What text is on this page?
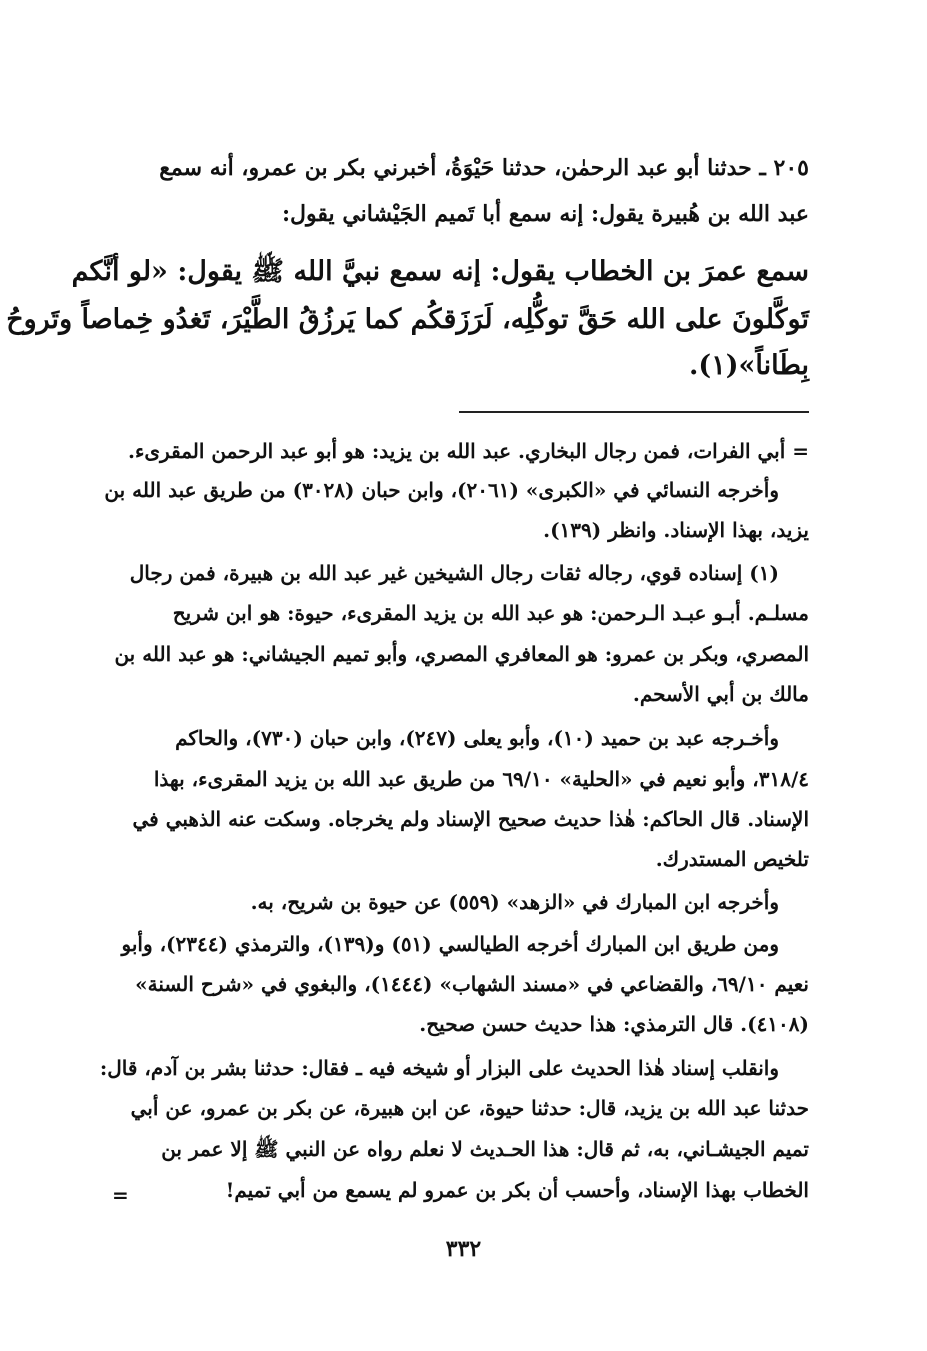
٢٠٥ ـ حدثنا أبو عبد الرحمٰن، حدثنا حَيْوَةُ، أخبرني بكر بن عمرو، أنه سمع
عبد الله بن هُبيرة يقول: إنه سمع أبا تَميم الجَيْشاني يقول:
سمع عمرَ بن الخطاب يقول: إنه سمع نبيَّ الله ﷺ يقول: «لو أنَّكم
تَوكَّلونَ على الله حَقَّ توكُّلِه، لَرَزَقكُم كما يَرزُقُ الطَّيْرَ، تَغدُو خِماصاً وتَروحُ
بِطَاناً»(١).
= أبي الفرات، فمن رجال البخاري. عبد الله بن يزيد: هو أبو عبد الرحمن المقرىء.
وأخرجه النسائي في «الكبرى» (٢٠٦١)، وابن حبان (٣٠٢٨) من طريق عبد الله بن
يزيد، بهذا الإسناد. وانظر (١٣٩).
(١) إسناده قوي، رجاله ثقات رجال الشيخين غير عبد الله بن هبيرة، فمن رجال
مسلـم. أبـو عبـد الـرحمن: هو عبد الله بن يزيد المقرىء، حيوة: هو ابن شريح
المصري، وبكر بن عمرو: هو المعافري المصري، وأبو تميم الجيشاني: هو عبد الله بن
مالك بن أبي الأسحم.
وأخـرجه عبد بن حميد (١٠)، وأبو يعلى (٢٤٧)، وابن حبان (٧٣٠)، والحاكم
٣١٨/٤، وأبو نعيم في «الحلية» ٦٩/١٠ من طريق عبد الله بن يزيد المقرىء، بهذا
الإسناد. قال الحاكم: هٰذا حديث صحيح الإسناد ولم يخرجاه. وسكت عنه الذهبي في
تلخيص المستدرك.
وأخرجه ابن المبارك في «الزهد» (٥٥٩) عن حيوة بن شريح، به.
ومن طريق ابن المبارك أخرجه الطيالسي (٥١) و(١٣٩)، والترمذي (٢٣٤٤)، وأبو
نعيم ٦٩/١٠، والقضاعي في «مسند الشهاب» (١٤٤٤)، والبغوي في «شرح السنة»
(٤١٠٨). قال الترمذي: هذا حديث حسن صحيح.
وانقلب إسناد هٰذا الحديث على البزار أو شيخه فيه ـ فقال: حدثنا بشر بن آدم، قال:
حدثنا عبد الله بن يزيد، قال: حدثنا حيوة، عن ابن هبيرة، عن بكر بن عمرو، عن أبي
تميم الجيشـاني، به، ثم قال: هذا الحـديث لا نعلم رواه عن النبي ﷺ إلا عمر بن
الخطاب بهذا الإسناد، وأحسب أن بكر بن عمرو لم يسمع من أبي تميم!
=
٣٣٢
